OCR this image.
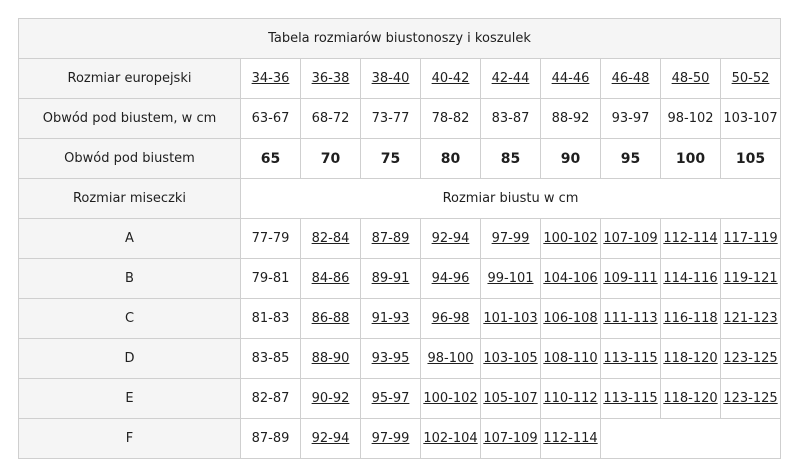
Tabela rozmiarów biustonoszy i koszulek									
Rozmiar europejski	34-36	36-38	38-40	40-42	42-44	44-46	46-48	48-50	50-52
Obwód pod biustem, w cm	63-67	68-72	73-77	78-82	83-87	88-92	93-97	98-102	103-107
Obwód pod biustem	65	70	75	80	85	90	95	100	105
Rozmiar miseczki	Rozmiar biustu w cm								
A	77-79	82-84	87-89	92-94	97-99	100-102	107-109	112-114	117-119
B	79-81	84-86	89-91	94-96	99-101	104-106	109-111	114-116	119-121
C	81-83	86-88	91-93	96-98	101-103	106-108	111-113	116-118	121-123
D	83-85	88-90	93-95	98-100	103-105	108-110	113-115	118-120	123-125
E	82-87	90-92	95-97	100-102	105-107	110-112	113-115	118-120	123-125
F	87-89	92-94	97-99	102-104	107-109	112-114			
